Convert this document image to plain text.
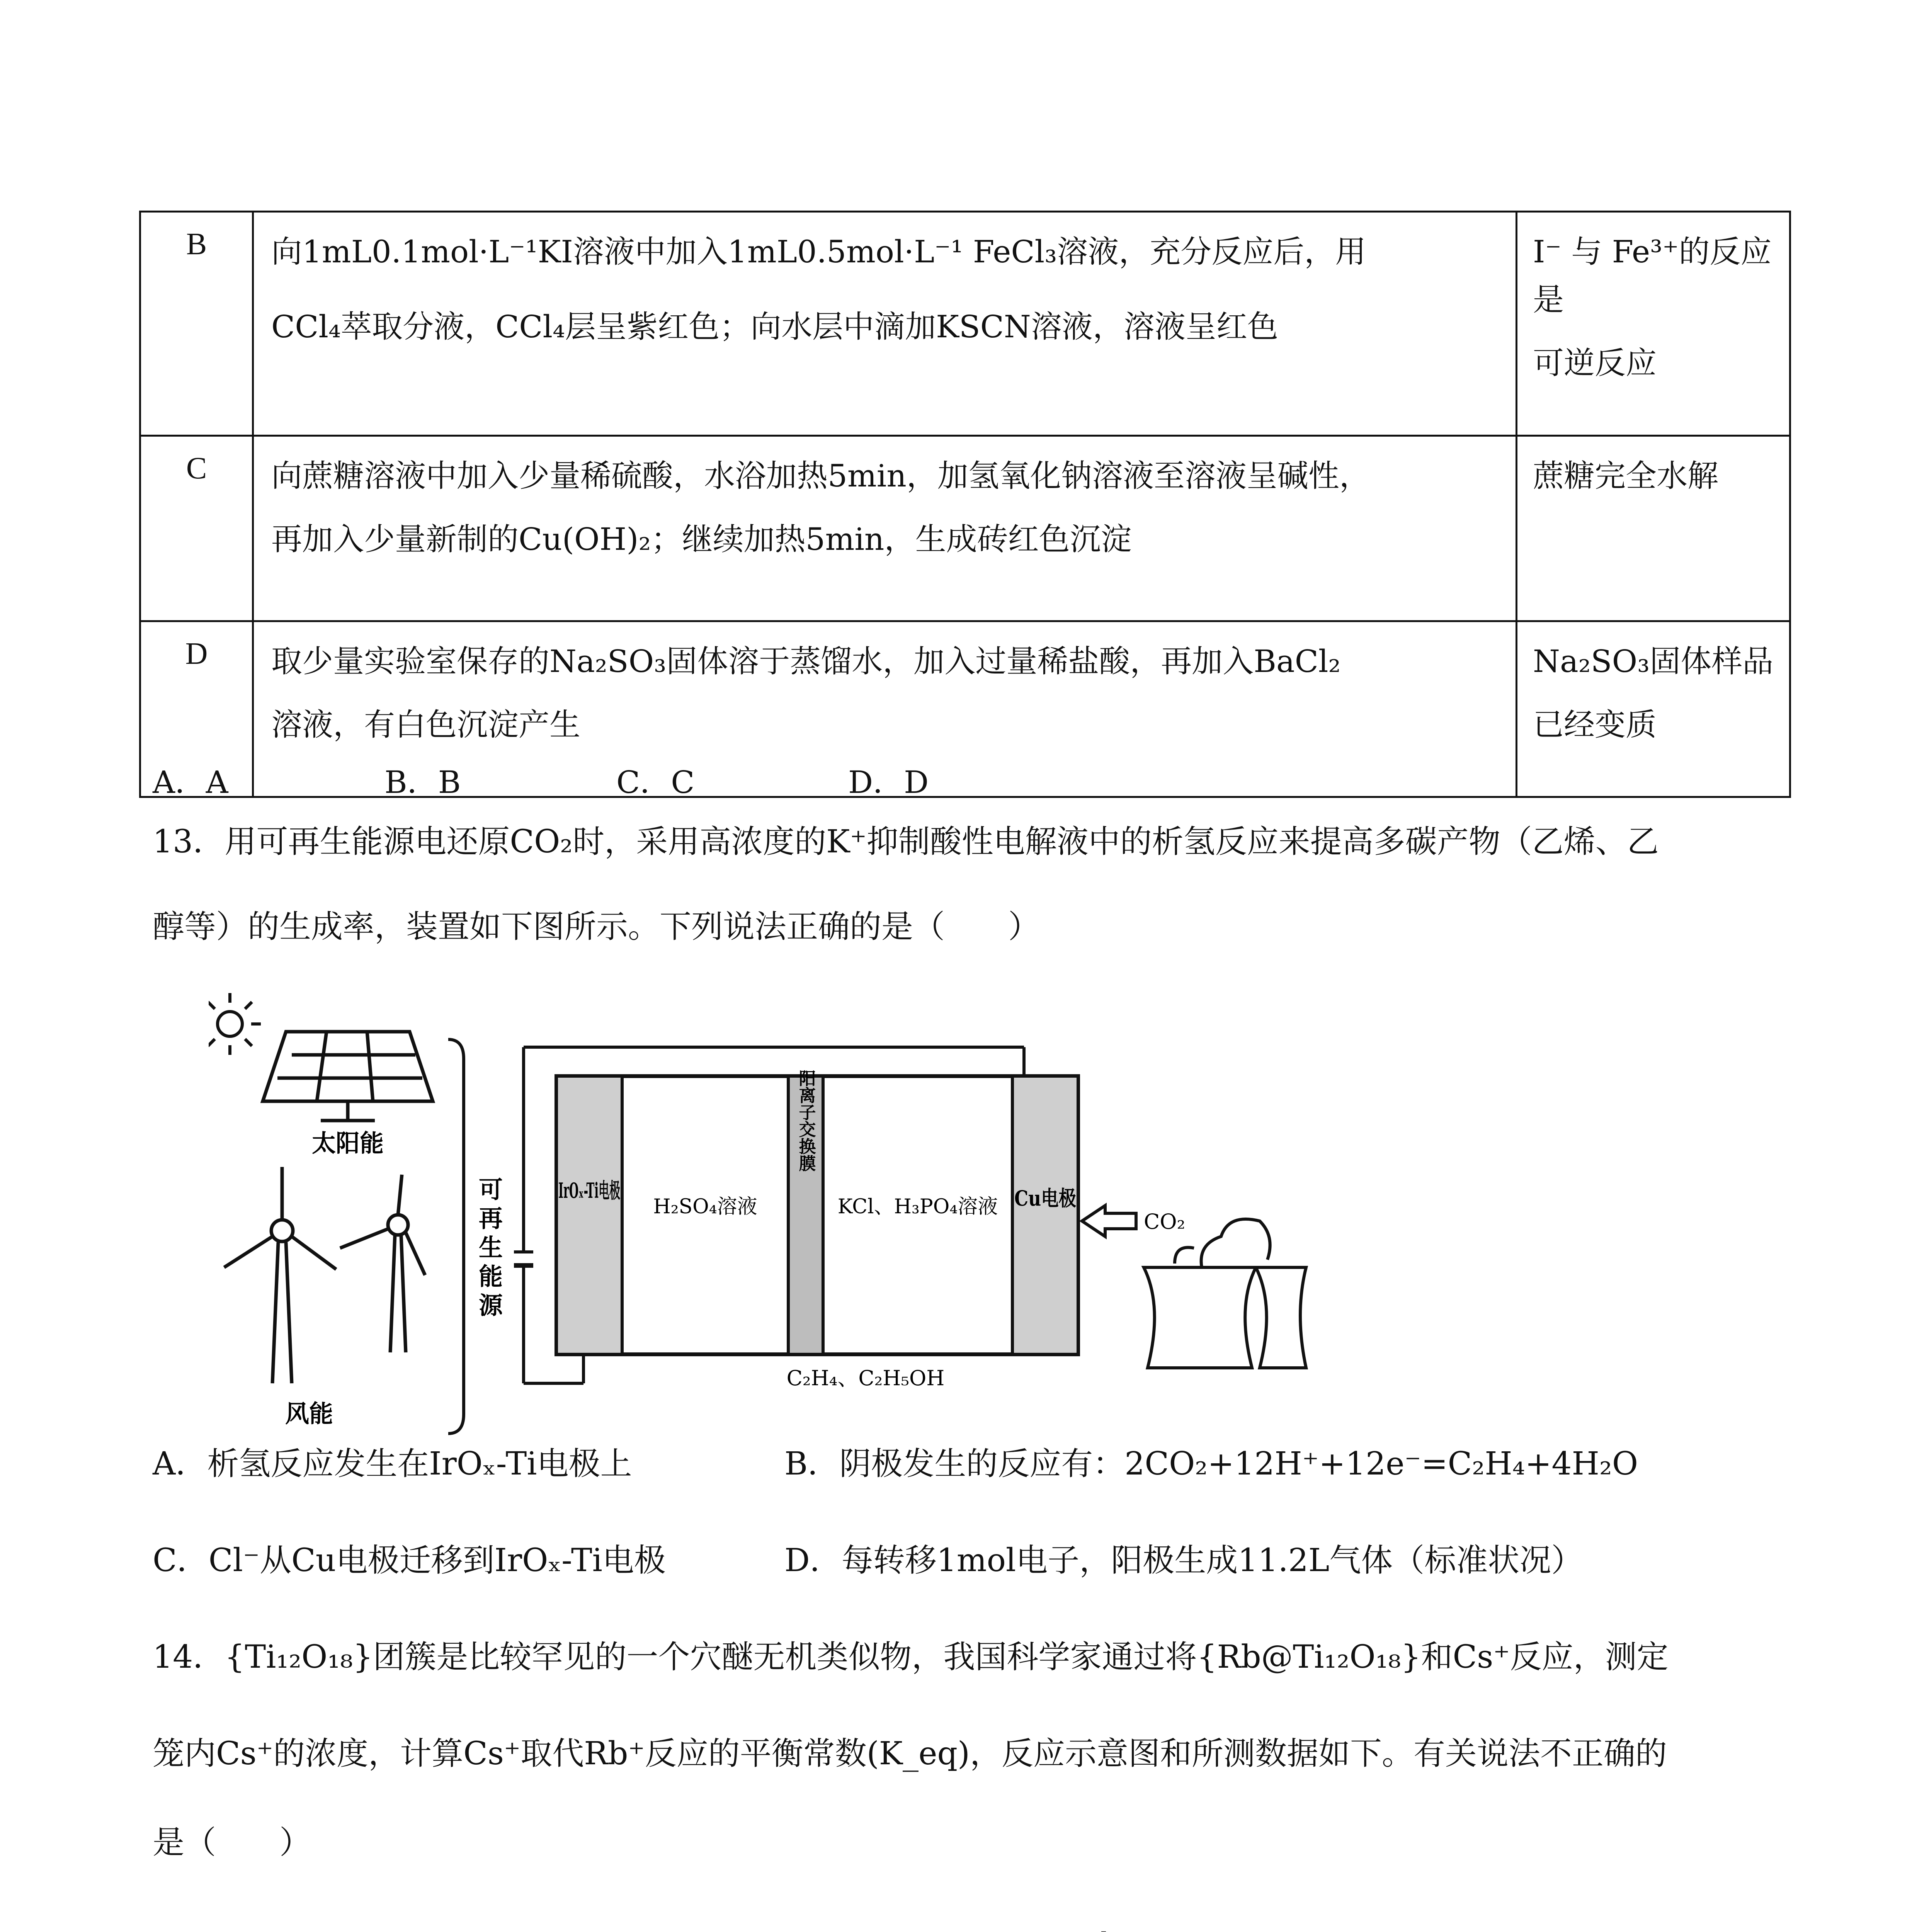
B	向1mL0.1mol·L⁻¹KI溶液中加入1mL0.5mol·L⁻¹ FeCl₃溶液，充分反应后，用
CCl₄萃取分液，CCl₄层呈紫红色；向水层中滴加KSCN溶液，溶液呈红色	I⁻ 与 Fe³⁺的反应是
可逆反应

C	向蔗糖溶液中加入少量稀硫酸，水浴加热5min，加氢氧化钠溶液至溶液呈碱性，
再加入少量新制的Cu(OH)₂；继续加热5min，生成砖红色沉淀	蔗糖完全水解

D	取少量实验室保存的Na₂SO₃固体溶于蒸馏水，加入过量稀盐酸，再加入BaCl₂
溶液，有白色沉淀产生	Na₂SO₃固体样品
已经变质
A．A	B．B	C．C	D．D
13．用可再生能源电还原CO₂时，采用高浓度的K⁺抑制酸性电解液中的析氢反应来提高多碳产物（乙烯、乙
醇等）的生成率，装置如下图所示。下列说法正确的是（　　）
太阳能
风能
可
再
生
能
源
IrOₓ-Ti电极
H₂SO₄溶液
阳离子交换膜
KCl、H₃PO₄溶液 Cu电极
C₂H₄、C₂H₅OH
CO₂
A．析氢反应发生在IrOₓ-Ti电极上	B．阴极发生的反应有：2CO₂+12H⁺+12e⁻=C₂H₄+4H₂O
C．Cl⁻从Cu电极迁移到IrOₓ-Ti电极	D．每转移1mol电子，阳极生成11.2L气体（标准状况）
14．{Ti₁₂O₁₈}团簇是比较罕见的一个穴醚无机类似物，我国科学家通过将{Rb@Ti₁₂O₁₈}和Cs⁺反应，测定
笼内Cs⁺的浓度，计算Cs⁺取代Rb⁺反应的平衡常数(K_eq)，反应示意图和所测数据如下。有关说法不正确的
是（　　）
